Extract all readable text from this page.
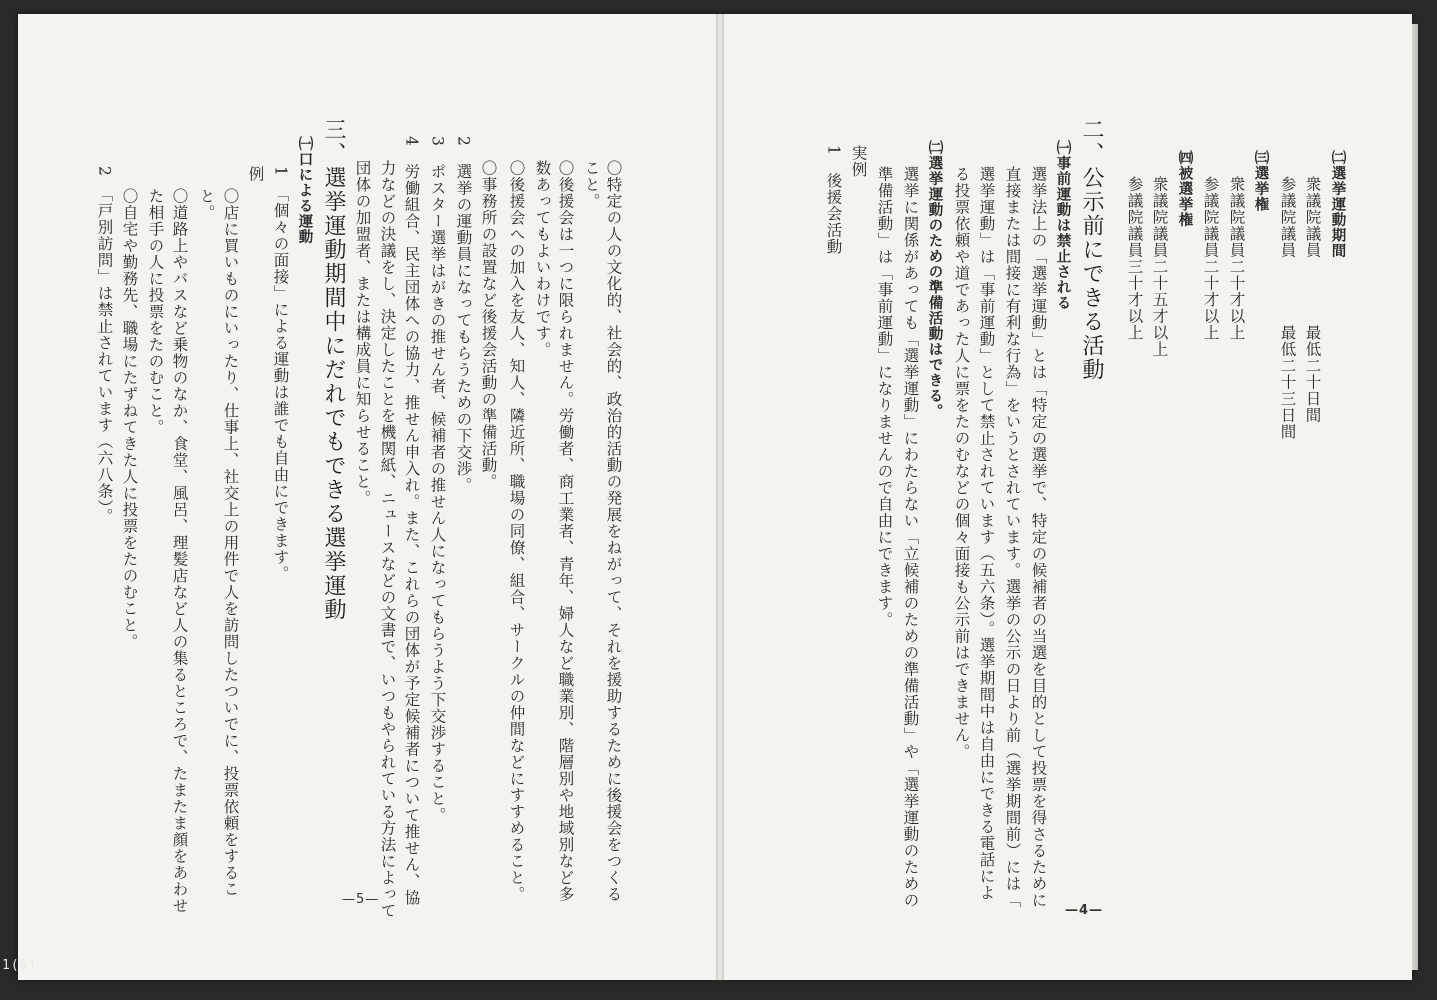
〇特定の人の文化的、社会的、政治的活動の発展をねがって、それを援助するために後援会をつくる
こと。
〇後援会は一つに限られません。労働者、商工業者、青年、婦人など職業別、階層別や地域別など多
数あってもよいわけです。
〇後援会への加入を友人、知人、隣近所、職場の同僚、組合、サークルの仲間などにすすめること。
〇事務所の設置など後援会活動の準備活動。
2　選挙の運動員になってもらうための下交渉。
3　ポスター選挙はがきの推せん者、候補者の推せん人になってもらうよう下交渉すること。
4　労働組合、民主団体への協力、推せん申入れ。また、これらの団体が予定候補者について推せん、協
力などの決議をし、決定したことを機関紙、ニュースなどの文書で、いつもやられている方法によって
団体の加盟者、または構成員に知らせること。
三、選挙運動期間中にだれでもできる選挙運動
㈠口による運動
1　「個々の面接」による運動は誰でも自由にできます。
例
〇店に買いものにいったり、仕事上、社交上の用件で人を訪問したついでに、投票依頼をするこ
と。
〇道路上やバスなど乗物のなか、食堂、風呂、理髪店など人の集るところで、たまたま顔をあわせ
た相手の人に投票をたのむこと。
〇自宅や勤務先、職場にたずねてきた人に投票をたのむこと。
2　「戸別訪問」は禁止されています（六八条）。
—5—
㈡選挙運動期間
衆議院議員　　　　最低二十日間
参議院議員　　　　最低二十三日間
㈢選挙権
衆議院議員二十才以上
参議院議員二十才以上
㈣被選挙権
衆議院議員二十五才以上
参議院議員三十才以上
二、公示前にできる活動
㈠事前運動は禁止される
選挙法上の「選挙運動」とは「特定の選挙で、特定の候補者の当選を目的として投票を得さるために
直接または間接に有利な行為」をいうとされています。選挙の公示の日より前（選挙期間前）には「
選挙運動」は「事前運動」として禁止されています（五六条）。選挙期間中は自由にできる電話によ
る投票依頼や道であった人に票をたのむなどの個々面接も公示前はできません。
㈡選挙運動のための準備活動はできる。
選挙に関係があっても「選挙運動」にわたらない「立候補のための準備活動」や「選挙運動のための
準備活動」は「事前運動」になりませんので自由にできます。
実例
1　後援会活動
—4—
1(6)
